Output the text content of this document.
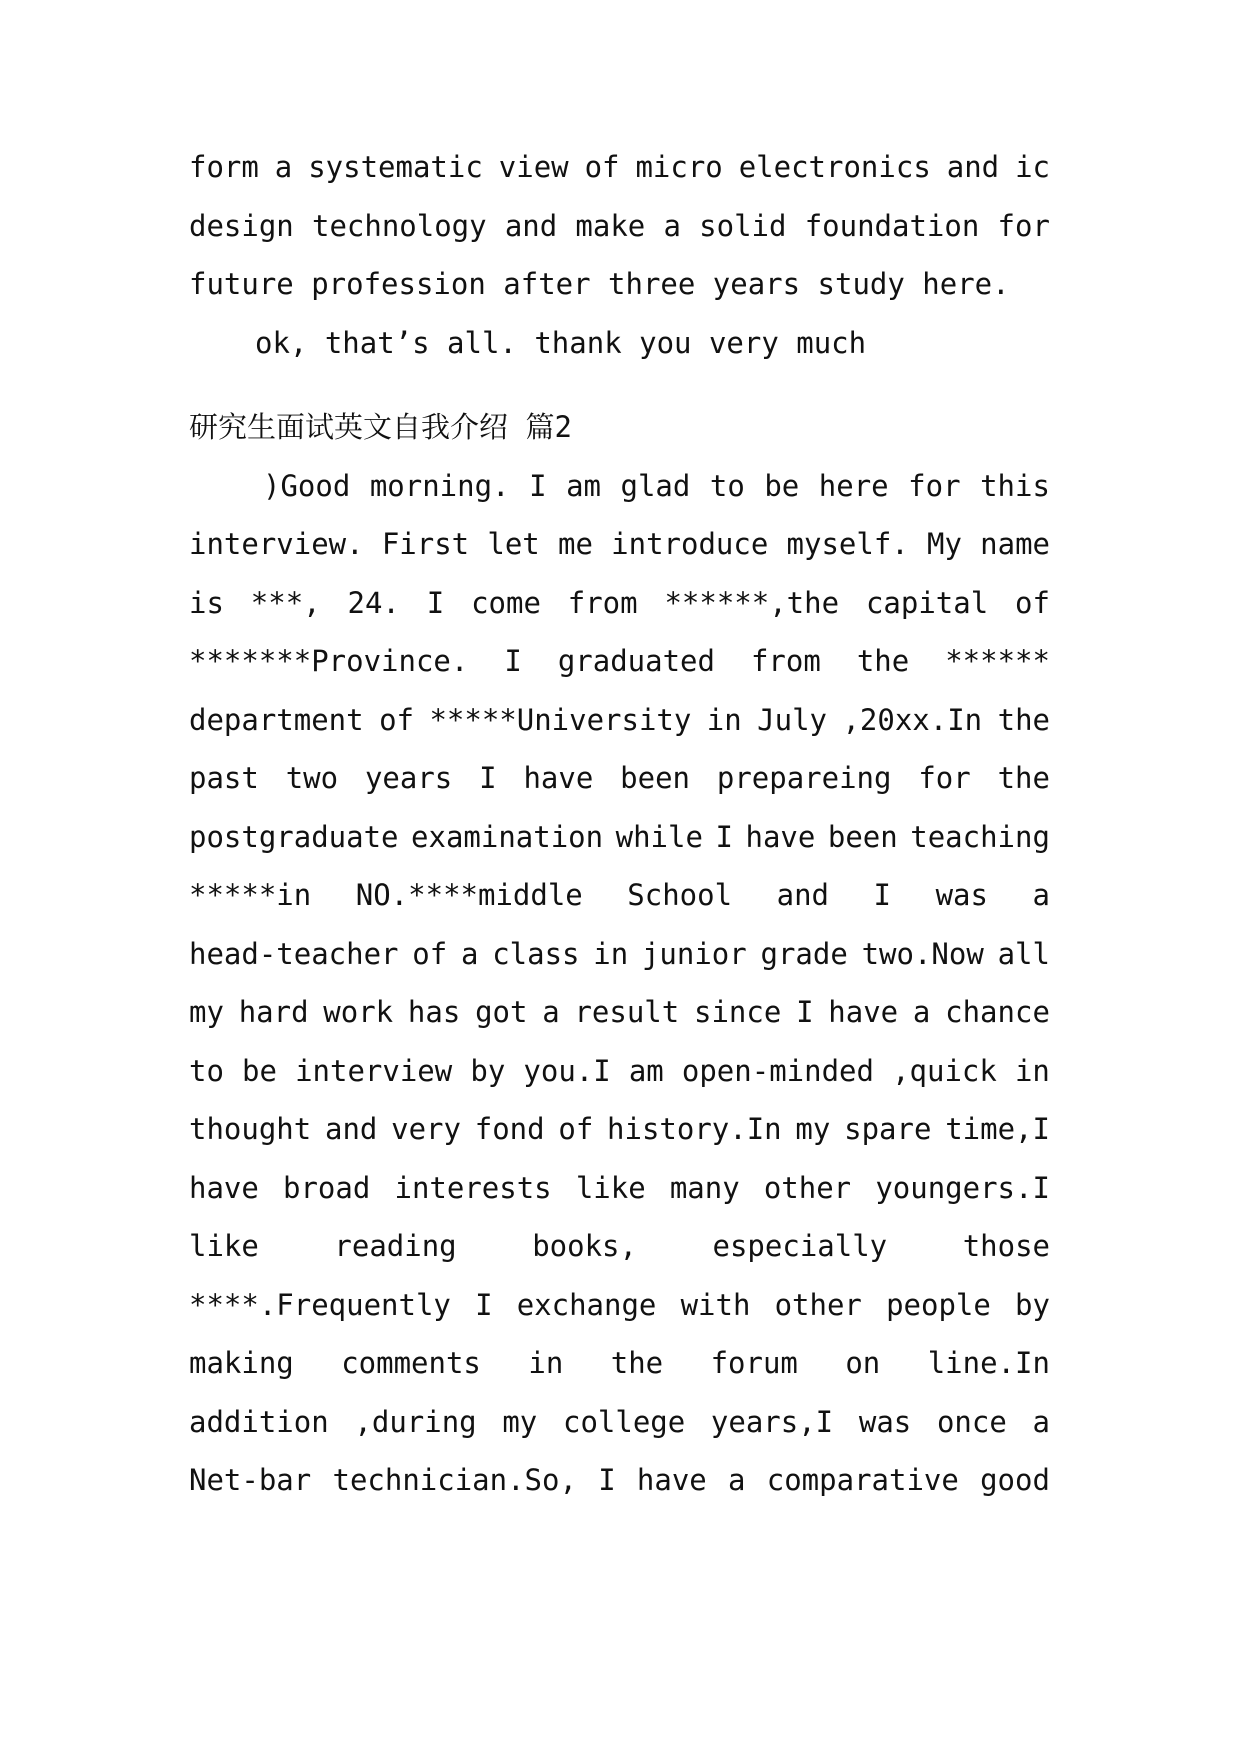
form a systematic view of micro electronics and ic
design technology and make a solid foundation for
future profession after three years study here.
ok, that’s all. thank you very much
研究生面试英文自我介绍 篇2
)Good morning. I am glad to be here for this
interview. First let me introduce myself. My name
is ***, 24. I come from ******,the capital of
*******Province. I graduated from the ******
department of *****University in July ,20xx.In the
past two years I have been prepareing for the
postgraduate examination while I have been teaching
*****in NO.****middle School and I was a
head-teacher of a class in junior grade two.Now all
my hard work has got a result since I have a chance
to be interview by you.I am open-minded ,quick in
thought and very fond of history.In my spare time,I
have broad interests like many other youngers.I
like	reading	books,	especially	those
****.Frequently I exchange with other people by
making comments in the forum on line.In
addition ,during my college years,I was once a
Net-bar technician.So, I have a comparative good
